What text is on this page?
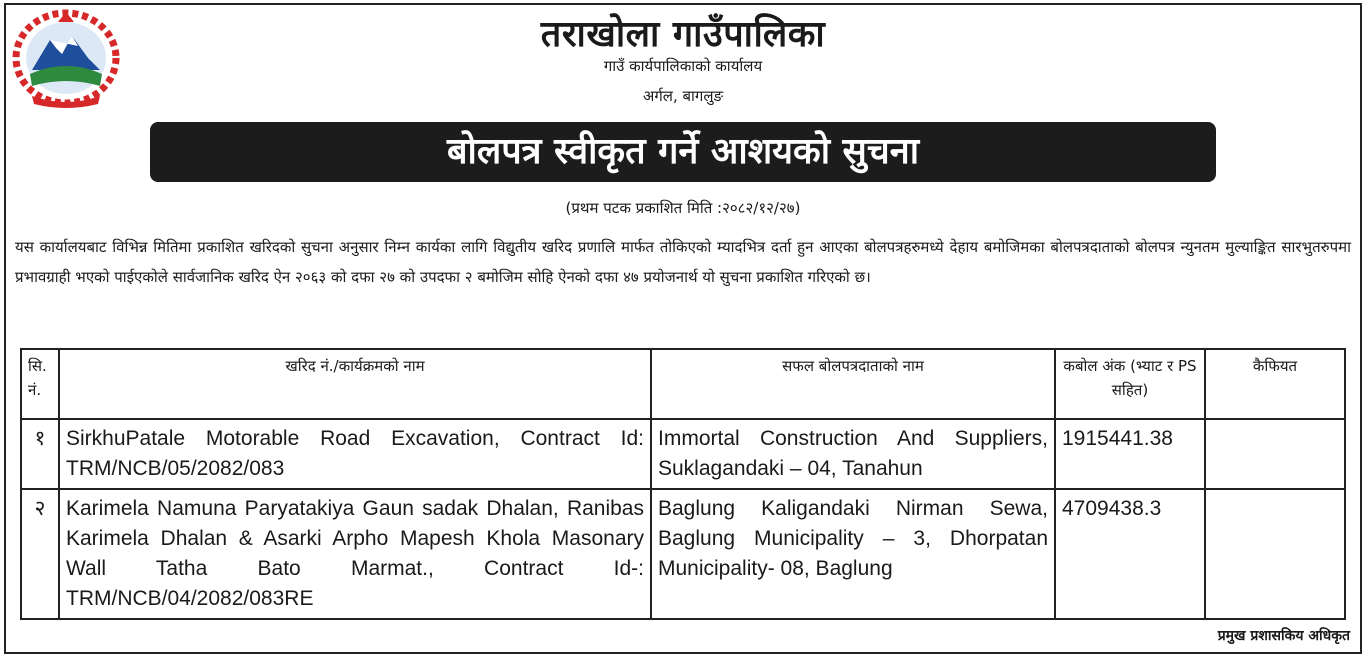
तराखोला गाउँपालिका
गाउँ कार्यपालिकाको कार्यालय
अर्गल, बागलुङ
बोलपत्र स्वीकृत गर्ने आशयको सुचना
(प्रथम पटक प्रकाशित मिति :२०८२/१२/२७)
यस कार्यालयबाट विभिन्न मितिमा प्रकाशित खरिदको सुचना अनुसार निम्न कार्यका लागि विद्युतीय खरिद प्रणालि मार्फत तोकिएको म्यादभित्र दर्ता हुन आएका बोलपत्रहरुमध्ये देहाय बमोजिमका बोलपत्रदाताको बोलपत्र न्युनतम मुल्याङ्कित सारभुतरुपमा प्रभावग्राही भएको पाईएकोले सार्वजानिक खरिद ऐन २०६३ को दफा २७ को उपदफा २ बमोजिम सोहि ऐनको दफा ४७ प्रयोजनार्थ यो सुचना प्रकाशित गरिएको छ।
सि. नं.	खरिद नं./कार्यक्रमको नाम	सफल बोलपत्रदाताको नाम	कबोल अंक (भ्याट र PS सहित)	कैफियत
१	SirkhuPatale Motorable Road Excavation, Contract Id: TRM/NCB/05/2082/083	Immortal Construction And Suppliers, Suklagandaki – 04, Tanahun	1915441.38	
२	Karimela Namuna Paryatakiya Gaun sadak Dhalan, Ranibas Karimela Dhalan & Asarki Arpho Mapesh Khola Masonary Wall Tatha Bato Marmat., Contract Id-: TRM/NCB/04/2082/083RE	Baglung Kaligandaki Nirman Sewa, Baglung Municipality – 3, Dhorpatan Municipality- 08, Baglung	4709438.3	
प्रमुख प्रशासकिय अधिकृत
